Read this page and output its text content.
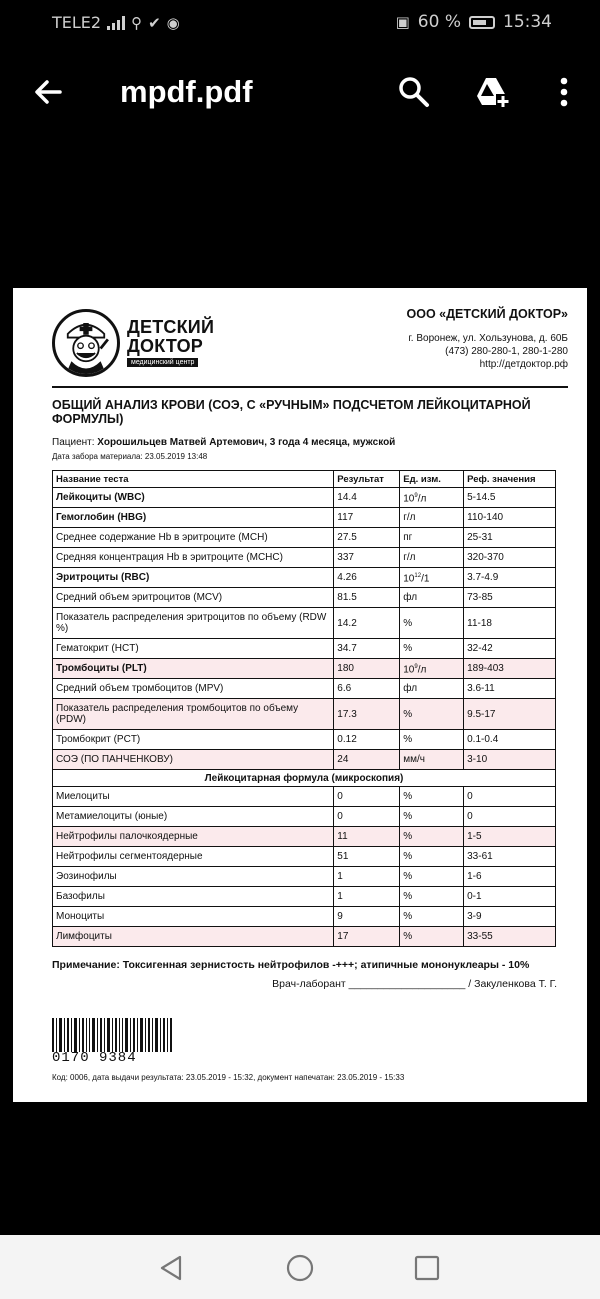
TELE2 ⚲ ✔ ◉	▣ 60 % 15:34
mpdf.pdf
ДЕТСКИЙ
ДОКТОР
медицинский центр
ООО «ДЕТСКИЙ ДОКТОР»
г. Воронеж, ул. Хользунова, д. 60Б
(473) 280-280-1, 280-1-280
http://детдоктор.рф
ОБЩИЙ АНАЛИЗ КРОВИ (СОЭ, С «РУЧНЫМ» ПОДСЧЕТОМ ЛЕЙКОЦИТАРНОЙ ФОРМУЛЫ)
Пациент: Хорошильцев Матвей Артемович, 3 года 4 месяца, мужской
Дата забора материала: 23.05.2019 13:48
Название теста	Результат	Ед. изм.	Реф. значения
Лейкоциты (WBC)	14.4	$10^9/л$	5-14.5
Гемоглобин (HBG)	117	г/л	110-140
Среднее содержание Hb в эритроците (MCH)	27.5	пг	25-31
Средняя концентрация Hb в эритроците (MCHC)	337	г/л	320-370
Эритроциты (RBC)	4.26	$10^{12}/1$	3.7-4.9
Средний объем эритроцитов (MCV)	81.5	фл	73-85
Показатель распределения эритроцитов по объему (RDW %)	14.2	%	11-18
Гематокрит (HCT)	34.7	%	32-42
Тромбоциты (PLT)	180	$10^9/л$	189-403
Средний объем тромбоцитов (MPV)	6.6	фл	3.6-11
Показатель распределения тромбоцитов по объему (PDW)	17.3	%	9.5-17
Тромбокрит (PCT)	0.12	%	0.1-0.4
СОЭ (ПО ПАНЧЕНКОВУ)	24	мм/ч	3-10
Лейкоцитарная формула (микроскопия)			
Миелоциты	0	%	0
Метамиелоциты (юные)	0	%	0
Нейтрофилы палочкоядерные	11	%	1-5
Нейтрофилы сегментоядерные	51	%	33-61
Эозинофилы	1	%	1-6
Базофилы	1	%	0-1
Моноциты	9	%	3-9
Лимфоциты	17	%	33-55
Примечание: Токсигенная зернистость нейтрофилов -+++; атипичные мононуклеары - 10%
Врач-лаборант ____________________ / Закуленкова Т. Г.
0170 9384
Код: 0006, дата выдачи результата: 23.05.2019 - 15:32, документ напечатан: 23.05.2019 - 15:33
